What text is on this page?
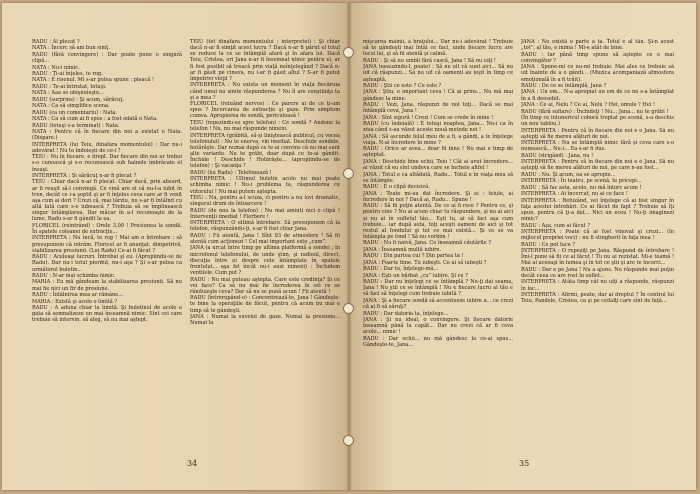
RADU : Ai plecat ?

NATA : Încerc să am bun simţ.

RADU (fără convingere) : Dar poate pune o singură clipă...

NATA : Nu-i nimic.

RADU : Ţi-ai înţeles, te rog.

NATA : E risenul. Mi s-ar putea spune : pleacă !

RADU : Te-ai întristat, totuşi.

NATA : Aaa se obişnuieşte...

RADU (surprins) : Şi acum, sărăcuţ.

NATA : Ca să simplifice scena.

RADU (ca un comentariu) : Nata.

NATA : Ca să cum ai fi spus : a fost odată o Nata.

RADU (totuşi s-a terminat) : Nata.

NATA : Pentru că în fiecare din noi a existat o Nata. (Dispare.)

INTERPRETA (lui Teiu, dinafara momentului) : Dar nu-i adevărat ! Nu te îndoieşti de ce-i ?

TEIU : Nu în fiecare, e drept. Dar fiecare din noi ar trebui s-o cunoască şi s-o recunoască sub hainele îmbrăcate el însuşi.

INTERPRETA : Şi sărăcuţ n-ar fi plecat ?

TEIU : Chiar dacă n-ar fi plecat. Chiar dacă, prin absurd, ar fi reuşit să-l convingă. Ce vină are el că nu-l-a iubit în tren, decât ce i-a şoptit şi ar fi înţeles ceva care ar fi venit aşa cum ai dori ? Crezi că, mai târziu, nu s-ar fi întâlnit cu altă fată care s-o iubească ? Trebuia să se împlinească singur întâmplarea. Dar măcar în a-l recunoaşte de la lume, Radu s-ar fi gândit la ea.

FLORICEL (reintrând) : Orele 3,00 ! Presiunea la sondă. În spatele coloanei de extracţie...

INTERPRETA : Nu încă, te rog ! Mai am o întrebare : să presupunem că intrăm. Floricel ar fi anunţat, dimpotrivă, stabilizarea presiunii. (Lui Radu) Ce-ai fi făcut ?

RADU : Aceleaşi lucruri. Întrebai şi eu. (Apropiindu-se de Radu). Dar nu-i totul pierdut, nu-i aşa ? Şi s-ar putea ca următorul buletin...

RADU : N-ar mai schimba nimic.

MARIA : Eu mă gândeam la stabilizarea presiunii. Să nu mai fie nici un fir de presiune.

RADU : Întâlnirea mea ar rămâne...

MARIA : Există şi acolo o limită ?

RADU : A aduna chiar la limită. Şi buletinul de acolo e gata să semnalizeze un mai înseamnă nimic. Sînt cei care trebuie să intervin, să aleg, să nu mai aştept.

TEIU (tot dinafara momentului ; interpretei) : Şi chiar dacă n-ar fi simţit acest lucru ? Dacă n-ar fi părut el totul se reduce la ce se întâmplă afară şi în afara lui. Dacă Teiu, Cristea, ori Jana n-ar fi însemnat nimic pentru el, ar fi fost posibil să treacă prin viaţă neînţelegând ? Dacă n-ar fi găsit pe cineva, nu i-ar fi găsit altul ? S-ar fi putut împotrivi vieţii ?

INTERPRETA : Nu exista un moment în viaţa fiecăruia când omul nu simte răspunderea ? Nu îl are conştiinţa ta şi a mea ?

FLORICEL (reluând nervos) : Ce parere ai de ce ţi-am spus ? Încercarea de extracţie şi gaze. Prin simptom cumva. Apropierea de sondă, periculoasă !

TEIU (repezindu-se spre telefon) : Ce sondă ? Andone la telefon ! Nu, nu mai răspunde nimeni.

INTERPRETA (grăbită, să-şi liniştească publicul, cu vocea telefonului) : Nu te enerva, vin imediat. Deschide sondele, hotărăşte. Dar numai după ce te-ai convins că nu mai sunt alte variante. Nu te grăbi, doar după ce te-ai gândit. Închide ! Deschide ! Hotărăşte... (apropiindu-se de telefon) : Şi vacanţa ?

RADU (lui Radu) : Telefonează !

INTERPRETA : Ultimul buletin acolo nu mai poate schimba nimic ! Nu-i problema ta, răspunderea ce viitorului ! Nu mai putem aştepta.

TEIU : Nu, pentru a-l scuza, ci pentru a nu lovi dramatic, singurul drum de întoarcere !

RADU (de nou la telefon) : Nu mai aminti nici o clipă ! Intervenţii imediat ! Fierbere !

INTERPRETA : O ultimă întrebare. Să presupunem că la telefon, răspunzându-ţi, s-ar fi fost chiar Jana.

RADU : Fii atentă, Jana ! Sînt 93 de atmosfere ! Să fii atentă cum acţionezi ! Cel mai important este „cum”.

JANA (a urcat între timp pe ultima platformă a sondei ; în microfonul telefonului, de unde ştim, şi radioul, direct, discuţia între ei despre cele întâmplate în spatele frontului... aşa fel încât nu-i auzi nimeni) : Închidem ventilele. Cum pot ?

RADU : Nu mai puteau aştepta. Care este credinţa? Și ce vei face? Ca să nu mai fie încrederea în cel ce se rânduieşte ceva? Dar să nu se pună acum ! Fii atentă !

RADU (întrerupând-o) : Concentrează-te, Jana ! Gândeşte-te bine la operaţiile de făcut, pentru că acum nu mai e timp să te gândeşti.

JANA : Numai la suveiul de gaze. Numai la presiune... Numai la

34

mişcarea mâinii, a braţului... Dar nu-i adevărat ! Trebuie să te gândeşti mai întâi ce faci, unde fiecare lucru are locul lui, şi să fii atentă şi calmă.

RADU : Şi să nu umbli fără cască, Jana ! Să nu uiţi !

JANA (neauzindu-l, poate) : Să nu uit că sunt aici... Să nu uit că răspunzi... Să nu uit că oamenii au ieşit în timp ce aşteaptă.

RADU : Ştii ce este ? Ce este ?

JANA : Ştiu, e important ceva ! Că ai prins... Nu mă mai gândesc la mine.

RADU : Vezi, Jana, răspunzi de noi toţi... Dacă se mai întâmplă ceva, Jana !

JANA : Sînt sigură ! Crezi ! Cum se crede în mine !

RADU (cu îndoială) : E totuşi noaptea, Jana... Nu-i ca în ziua când s-au văzut aceste nouă metode noi !

JANA : Să ascunde felul meu de a fi, a gândi, a te înţelege viaţa. N-ai încredere în mine ?

RADU : Orice ar avea... doar fii bine ! Nu mai e timp de aşteptat.

JANA : Deschide bine ochii, Teiu ! Cât ai avut încredere... ai văzut că eu sînt undeva care se încheie altfel !

JANA : Totul e ca altădată, Radu... Totul e în viaţa mea să se întâmple.

RADU : E o clipă decisivă.

JANA : Toate mi-au dat încredere. Şi ei : teiule, ai încredere în noi ? Dacă ai, Radu... Spune !

RADU : Să fii puţin atentă. De ce ai fi rece ? Pentru ce, şi pentru cine ? Nu ai acum chiar tu răspundere, şi nu ai aici şi nu ai în sufletul tău... Eşti tu, ai să faci aşa cum trebuie... iar după asta, toţi aceşti oameni de aici şi tot restul al fondului şi tot ce mai există... Şi ce se va întâmpla pe fond ! Să nu vorbim !

RADU : Nu fi naivă, Jana. Ce înseamnă căutările ?

JANA : Înseamnă multă iubire.

RADU : Din partea cui ? Din partea ta !

JANA : Foarte bine. Tu iubeşti. Ce ai să iubeşti ?

RADU : Dar tu, înţelege-mă...

JANA : Eşti un bărbat „cu” iubire. Şi ce ?

RADU : Dar nu înţelegi ce se întâmplă ? Nu-ţi dai seama, Jana ! Nu ştii ce se întâmplă ! Nu e fiecare lucru al tău e să faci să înţelegi cum trebuie iubită ?

JANA : Şi a fiecare sondă să accentueze iubire a... ce crezi că ai fi să săruţi?

RADU : Dar datoria ta, înţelege...

JANA : Şi nu ideal, o convingere. Şi fiecare datorie înseamnă până la capăt... Dar nu crezi că ar fi ceva acolo... nimic !

RADU : Dar ochii... nu mă gândesc la ce-ai spus... Gândeşte-te, Jana...

JANA : Nu există o parte a ta. Totul e al tău. Şi-n acest „tot”, al tău, e inima ! Mi-e atât de bine.

RADU : Iar până timp spune să aştepte ce e mai convingător ?

JANA : Spune-mi ce nu-mi trebuie. Mai ales ce trebuie să uit înainte de a o gândi... (Muzica acompaniază atmosfera emoţională în a fi trăit).

RADU : De ce se întâmplă, Jana ?

JANA : Un om... N-a apropiat un om de ce mi s-a întâmplat în a fi deosebit.

JANA : Ce ai, Nelu ? Ce ai, Nelu ? Hei, omule ? Hei !

RADU (fără suflare) : Închideţi ! Nu... Jana... nu te grăbi !

(În timp ce intunericul coborâ treptat pe scenă, s-a deschis un nou tablou.)

INTERPRETA : Pentru că în fiecare din noi e o Jana. Să nu aştepţi să fie mereu alături de noi.

INTERPRETA : Nu se întâmplă nimic fără şi ceva care s-o numească... Nu-i... Ea s-ar fi dus.

RADU (strigând) : Jana, nu !

INTERPRETA : Pentru că în fiecare din noi e o Jana. Să nu aştepţi să fie mereu alături de noi, pe care n-au fost...

RADU : Nu. Şi acum, ea se apropie...

INTERPRETA : În teatru, pe scenă, te pricepi...

RADU : Să fac asta, acolo, nu mă întorc acum !

INTERPRETA : Ai încercat, nu ai ce face !

INTERPRETA : Refuzând, vei înţelege că ai fost singur în faţa acestei întrebări. Ce ai făcut de fapt ? Trebuie să îţi spun, pentru că ţi-a dat... Nici un ecou ! Nu-ţi imaginezi nimic?

RADU : Aşa, cum ai făcut ?

INTERPRETA : Poate că ai fost vinovat şi crezi... (în mijlocul propriei voci) : nu fi stingherit în faţa mea !

RADU : Ce pot face ?

INTERPRETA : O repeziţi pe Jana. Răspund de întrebare ! Îmi-l pune să fii ce ai făcut ! Tu nu ai rezistat. Mi-e teamă ! Mai ai aceeaşi în lumea şi în tot ce ştii şi are te încerci...

RADU : Dar e pe Jana ! Nu a ajuns. Nu răspunde mai puţin decât ceea ce are rost în suflet...

INTERPRETA : Atâta timp cât nu uiţi a răspunde, răspunzi în loc...

INTERPRETA : Afirmi, poate, dar ai dreptul ? În centrul lui Teiu, Pandele, Cristea, ca şi pe ceilalţi care sînt de faţă...

35
